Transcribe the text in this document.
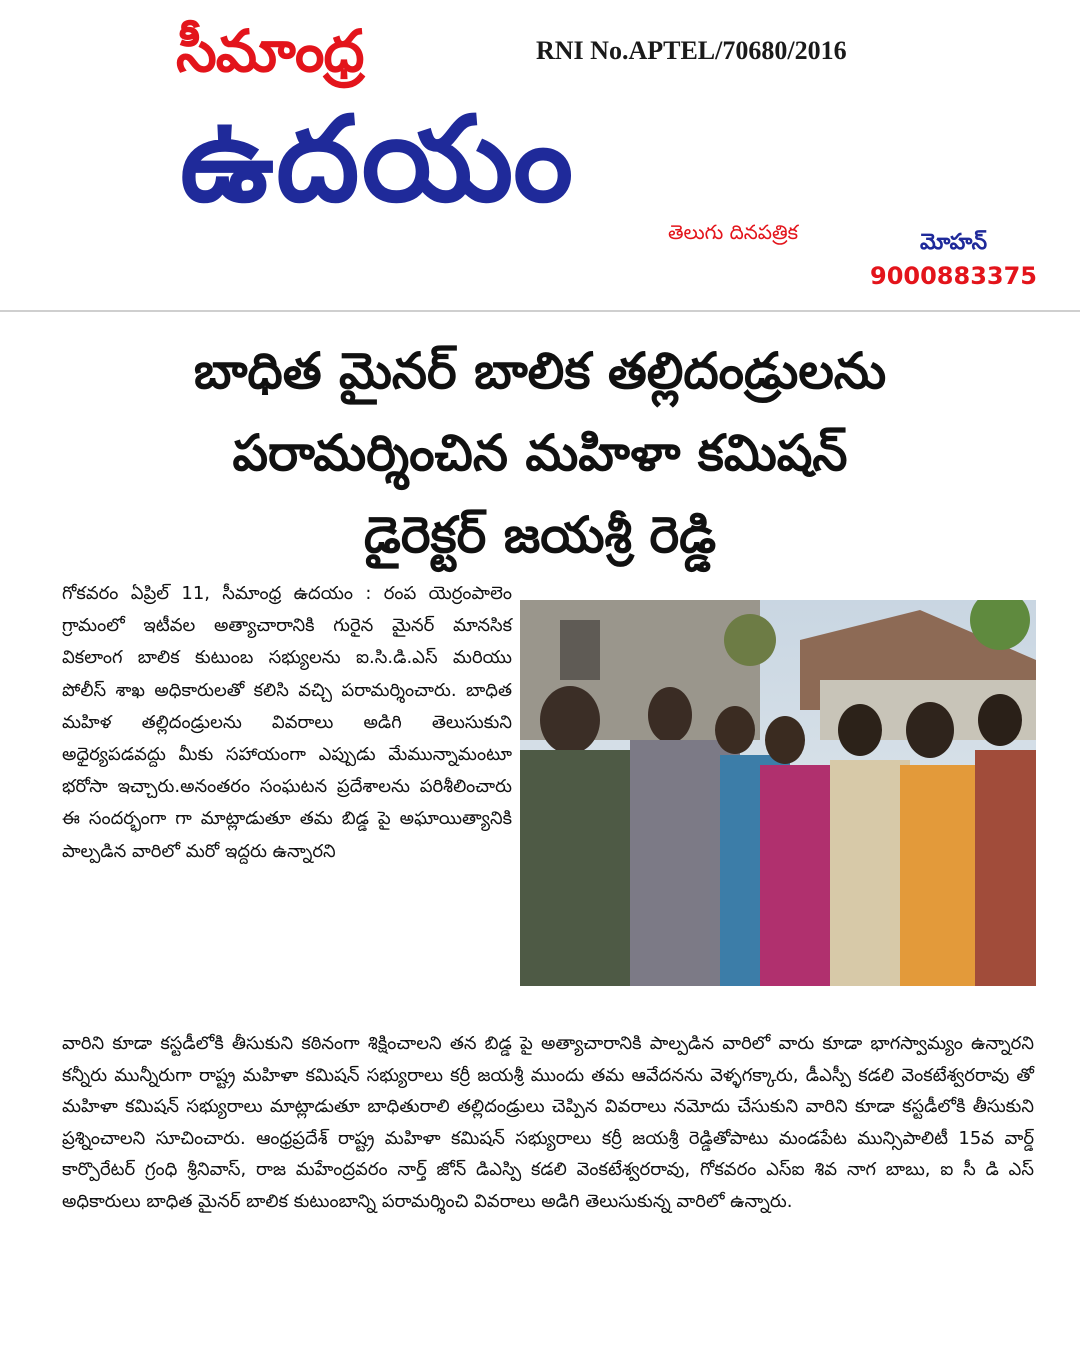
సీమాంధ్ర	RNI No.APTEL/70680/2016
ఉదయం
తెలుగు దినపత్రిక	మోహన్
9000883375
బాధిత మైనర్ బాలిక తల్లిదండ్రులను
పరామర్శించిన మహిళా కమిషన్
డైరెక్టర్ జయశ్రీ రెడ్డి
గోకవరం ఏప్రిల్ 11, సీమాంధ్ర ఉదయం : రంప యెర్రంపాలెం గ్రామంలో ఇటీవల అత్యాచారానికి గురైన మైనర్ మానసిక వికలాంగ బాలిక కుటుంబ సభ్యులను ఐ.సి.డి.ఎస్ మరియు పోలీస్ శాఖ అధికారులతో కలిసి వచ్చి పరామర్శించారు. బాధిత మహిళ తల్లిదండ్రులను వివరాలు అడిగి తెలుసుకుని అధైర్యపడవద్దు మీకు సహాయంగా ఎప్పుడు మేమున్నామంటూ భరోసా ఇచ్చారు.అనంతరం సంఘటన ప్రదేశాలను పరిశీలించారు ఈ సందర్భంగా గా మాట్లాడుతూ తమ బిడ్డ పై అఘాయిత్యానికి పాల్పడిన వారిలో మరో ఇద్దరు ఉన్నారని
వారిని కూడా కస్టడీలోకి తీసుకుని కఠినంగా శిక్షించాలని తన బిడ్డ పై అత్యాచారానికి పాల్పడిన వారిలో వారు కూడా భాగస్వామ్యం ఉన్నారని కన్నీరు మున్నీరుగా రాష్ట్ర మహిళా కమిషన్ సభ్యురాలు కర్రీ జయశ్రీ ముందు తమ ఆవేదనను వెళ్ళగక్కారు, డీఎస్పీ కడలి వెంకటేశ్వరరావు తో మహిళా కమిషన్ సభ్యురాలు మాట్లాడుతూ బాధితురాలి తల్లిదండ్రులు చెప్పిన వివరాలు నమోదు చేసుకుని వారిని కూడా కస్టడీలోకి తీసుకుని ప్రశ్నించాలని సూచించారు. ఆంధ్రప్రదేశ్ రాష్ట్ర మహిళా కమిషన్ సభ్యురాలు కర్రీ జయశ్రీ రెడ్డితోపాటు మండపేట మున్సిపాలిటీ 15వ వార్డ్ కార్పొరేటర్ గ్రంధి శ్రీనివాస్, రాజ మహేంద్రవరం నార్త్ జోన్ డిఎస్పి కడలి వెంకటేశ్వరరావు, గోకవరం ఎస్ఐ శివ నాగ బాబు, ఐ సీ డి ఎస్ అధికారులు బాధిత మైనర్ బాలిక కుటుంబాన్ని పరామర్శించి వివరాలు అడిగి తెలుసుకున్న వారిలో ఉన్నారు.
